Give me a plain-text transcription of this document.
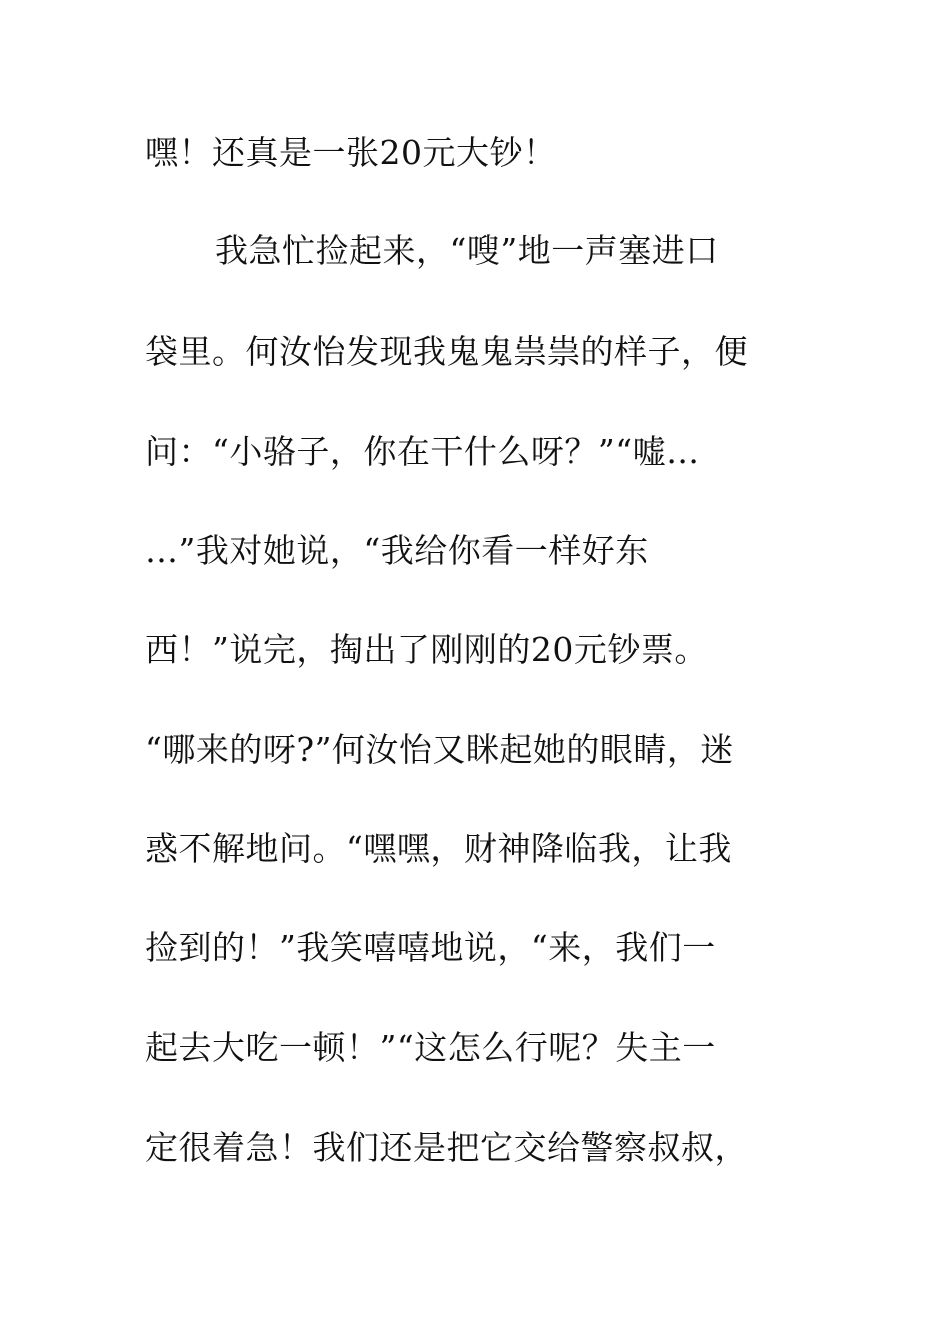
嘿！还真是一张20元大钞！
我急忙捡起来，“嗖”地一声塞进口
袋里。何汝怡发现我鬼鬼祟祟的样子，便
问：“小骆子，你在干什么呀？”“嘘…
…”我对她说，“我给你看一样好东
西！”说完，掏出了刚刚的20元钞票。
“哪来的呀?”何汝怡又眯起她的眼睛，迷
惑不解地问。“嘿嘿，财神降临我，让我
捡到的！”我笑嘻嘻地说，“来，我们一
起去大吃一顿！”“这怎么行呢？失主一
定很着急！我们还是把它交给警察叔叔，
